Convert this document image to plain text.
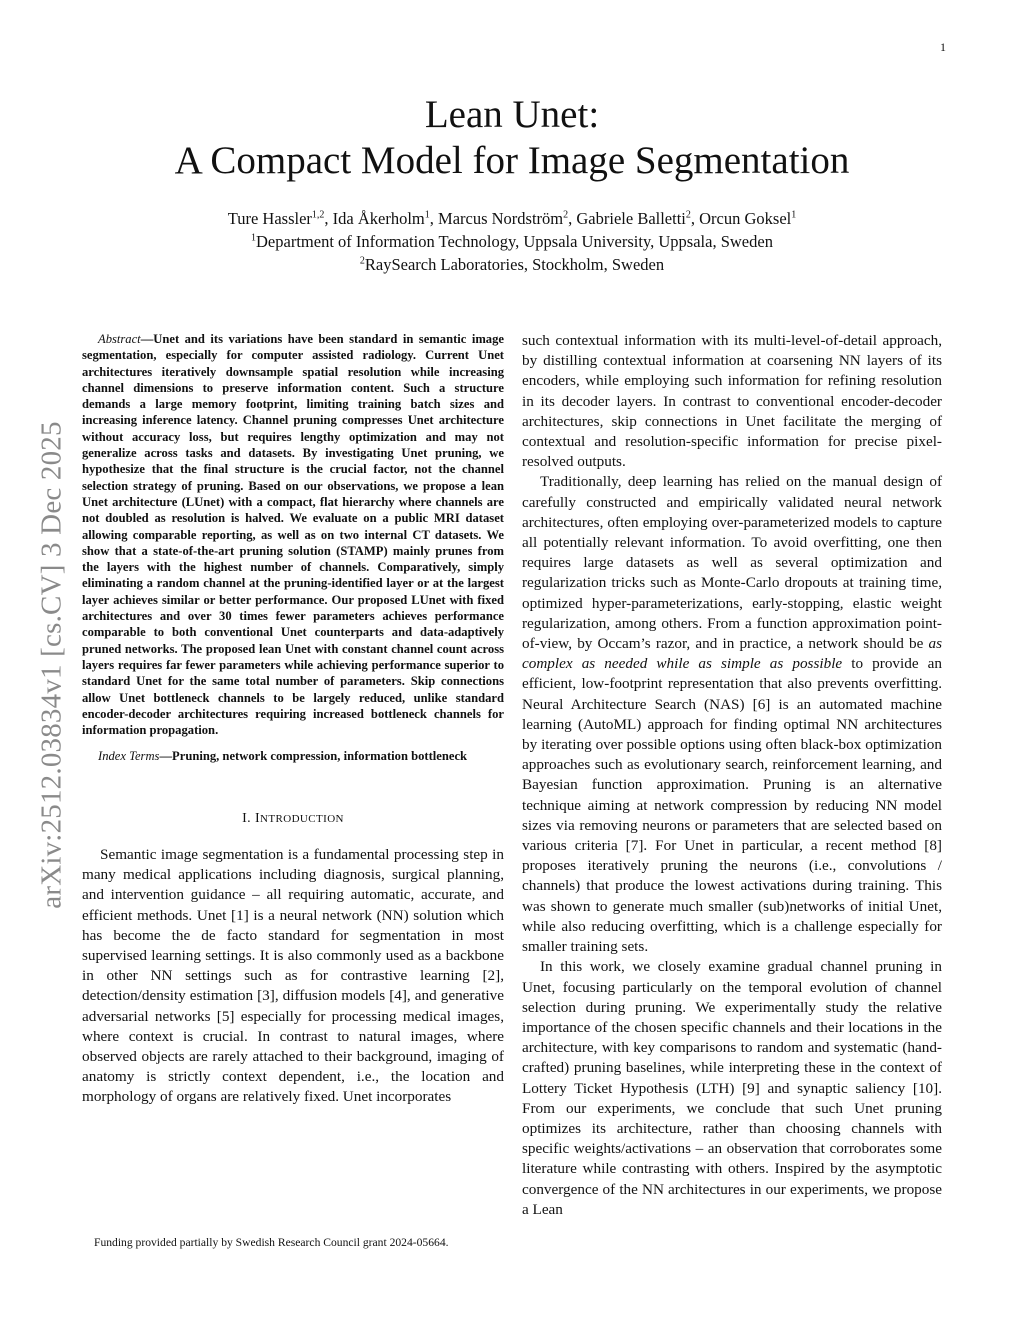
1
arXiv:2512.03834v1 [cs.CV] 3 Dec 2025
Lean Unet:
A Compact Model for Image Segmentation
Ture Hassler$^{1,2}$, Ida Åkerholm$^1$, Marcus Nordström$^2$, Gabriele Balletti$^2$, Orcun Goksel$^1$
$^1$Department of Information Technology, Uppsala University, Uppsala, Sweden
$^2$RaySearch Laboratories, Stockholm, Sweden

Abstract—Unet and its variations have been standard in semantic image segmentation, especially for computer assisted radiology. Current Unet architectures iteratively downsample spatial resolution while increasing channel dimensions to preserve information content. Such a structure demands a large memory footprint, limiting training batch sizes and increasing inference latency. Channel pruning compresses Unet architecture without accuracy loss, but requires lengthy optimization and may not generalize across tasks and datasets. By investigating Unet pruning, we hypothesize that the final structure is the crucial factor, not the channel selection strategy of pruning. Based on our observations, we propose a lean Unet architecture (LUnet) with a compact, flat hierarchy where channels are not doubled as resolution is halved. We evaluate on a public MRI dataset allowing comparable reporting, as well as on two internal CT datasets. We show that a state-of-the-art pruning solution (STAMP) mainly prunes from the layers with the highest number of channels. Comparatively, simply eliminating a random channel at the pruning-identified layer or at the largest layer achieves similar or better performance. Our proposed LUnet with fixed architectures and over 30 times fewer parameters achieves performance comparable to both conventional Unet counterparts and data-adaptively pruned networks. The proposed lean Unet with constant channel count across layers requires far fewer parameters while achieving performance superior to standard Unet for the same total number of parameters. Skip connections allow Unet bottleneck channels to be largely reduced, unlike standard encoder-decoder architectures requiring increased bottleneck channels for information propagation.

Index Terms—Pruning, network compression, information bottleneck

I. INTRODUCTION

Semantic image segmentation is a fundamental processing step in many medical applications including diagnosis, surgical planning, and intervention guidance – all requiring automatic, accurate, and efficient methods. Unet [1] is a neural network (NN) solution which has become the de facto standard for segmentation in most supervised learning settings. It is also commonly used as a backbone in other NN settings such as for contrastive learning [2], detection/density estimation [3], diffusion models [4], and generative adversarial networks [5] especially for processing medical images, where context is crucial. In contrast to natural images, where observed objects are rarely attached to their background, imaging of anatomy is strictly context dependent, i.e., the location and morphology of organs are relatively fixed. Unet incorporates

such contextual information with its multi-level-of-detail approach, by distilling contextual information at coarsening NN layers of its encoders, while employing such information for refining resolution in its decoder layers. In contrast to conventional encoder-decoder architectures, skip connections in Unet facilitate the merging of contextual and resolution-specific information for precise pixel-resolved outputs.

Traditionally, deep learning has relied on the manual design of carefully constructed and empirically validated neural network architectures, often employing over-parameterized models to capture all potentially relevant information. To avoid overfitting, one then requires large datasets as well as several optimization and regularization tricks such as Monte-Carlo dropouts at training time, optimized hyper-parameterizations, early-stopping, elastic weight regularization, among others. From a function approximation point-of-view, by Occam’s razor, and in practice, a network should be as complex as needed while as simple as possible to provide an efficient, low-footprint representation that also prevents overfitting. Neural Architecture Search (NAS) [6] is an automated machine learning (AutoML) approach for finding optimal NN architectures by iterating over possible options using often black-box optimization approaches such as evolutionary search, reinforcement learning, and Bayesian function approximation. Pruning is an alternative technique aiming at network compression by reducing NN model sizes via removing neurons or parameters that are selected based on various criteria [7]. For Unet in particular, a recent method [8] proposes iteratively pruning the neurons (i.e., convolutions / channels) that produce the lowest activations during training. This was shown to generate much smaller (sub)networks of initial Unet, while also reducing overfitting, which is a challenge especially for smaller training sets.

In this work, we closely examine gradual channel pruning in Unet, focusing particularly on the temporal evolution of channel selection during pruning. We experimentally study the relative importance of the chosen specific channels and their locations in the architecture, with key comparisons to random and systematic (hand-crafted) pruning baselines, while interpreting these in the context of Lottery Ticket Hypothesis (LTH) [9] and synaptic saliency [10]. From our experiments, we conclude that such Unet pruning optimizes its architecture, rather than choosing channels with specific weights/activations – an observation that corroborates some literature while contrasting with others. Inspired by the asymptotic convergence of the NN architectures in our experiments, we propose a Lean

Funding provided partially by Swedish Research Council grant 2024-05664.
